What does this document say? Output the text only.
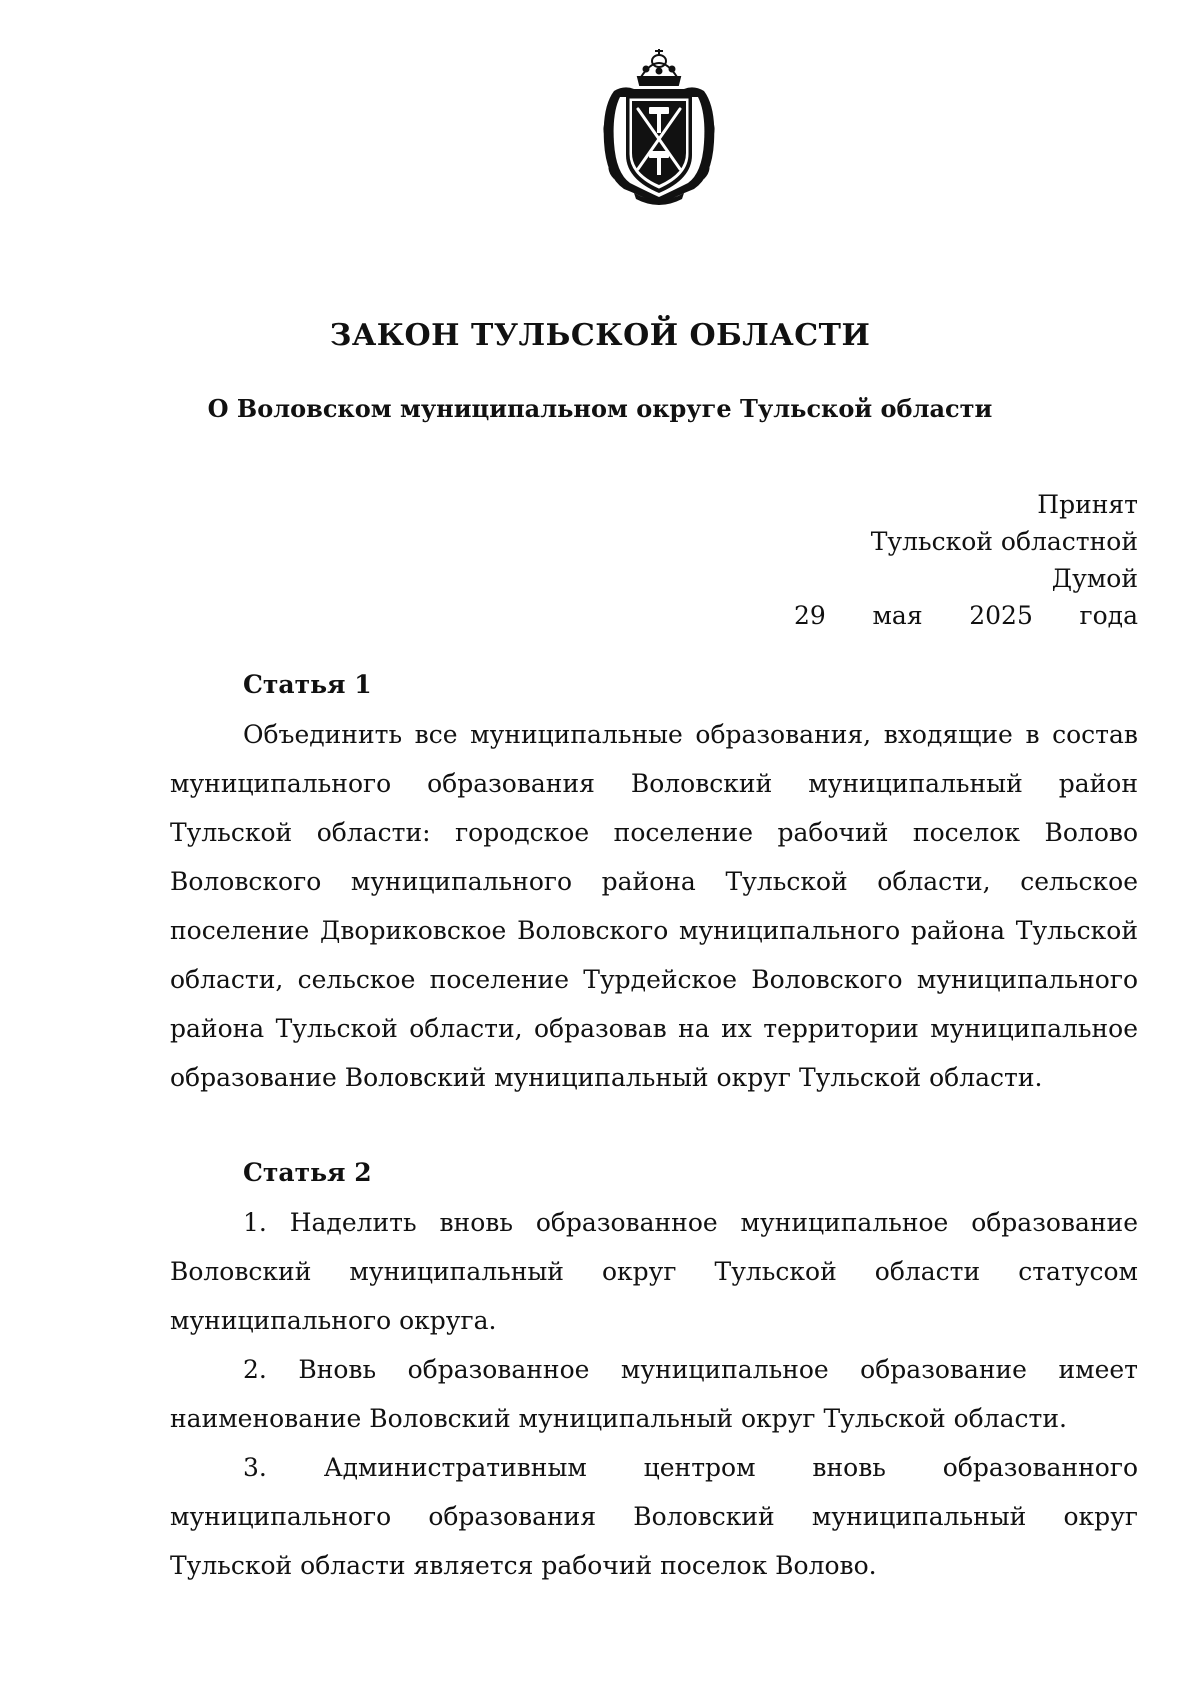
ЗАКОН ТУЛЬСКОЙ ОБЛАСТИ
О Воловском муниципальном округе Тульской области
Принят
Тульской областной Думой
29 мая 2025 года
Статья 1

Объединить все муниципальные образования, входящие в состав муниципального образования Воловский муниципальный район Тульской области: городское поселение рабочий поселок Волово Воловского муниципального района Тульской области, сельское поселение Двориковское Воловского муниципального района Тульской области, сельское поселение Турдейское Воловского муниципального района Тульской области, образовав на их территории муниципальное образование Воловский муниципальный округ Тульской области.

Статья 2

1. Наделить вновь образованное муниципальное образование Воловский муниципальный округ Тульской области статусом муниципального округа.

2. Вновь образованное муниципальное образование имеет наименование Воловский муниципальный округ Тульской области.

3. Административным центром вновь образованного муниципального образования Воловский муниципальный округ Тульской области является рабочий поселок Волово.
